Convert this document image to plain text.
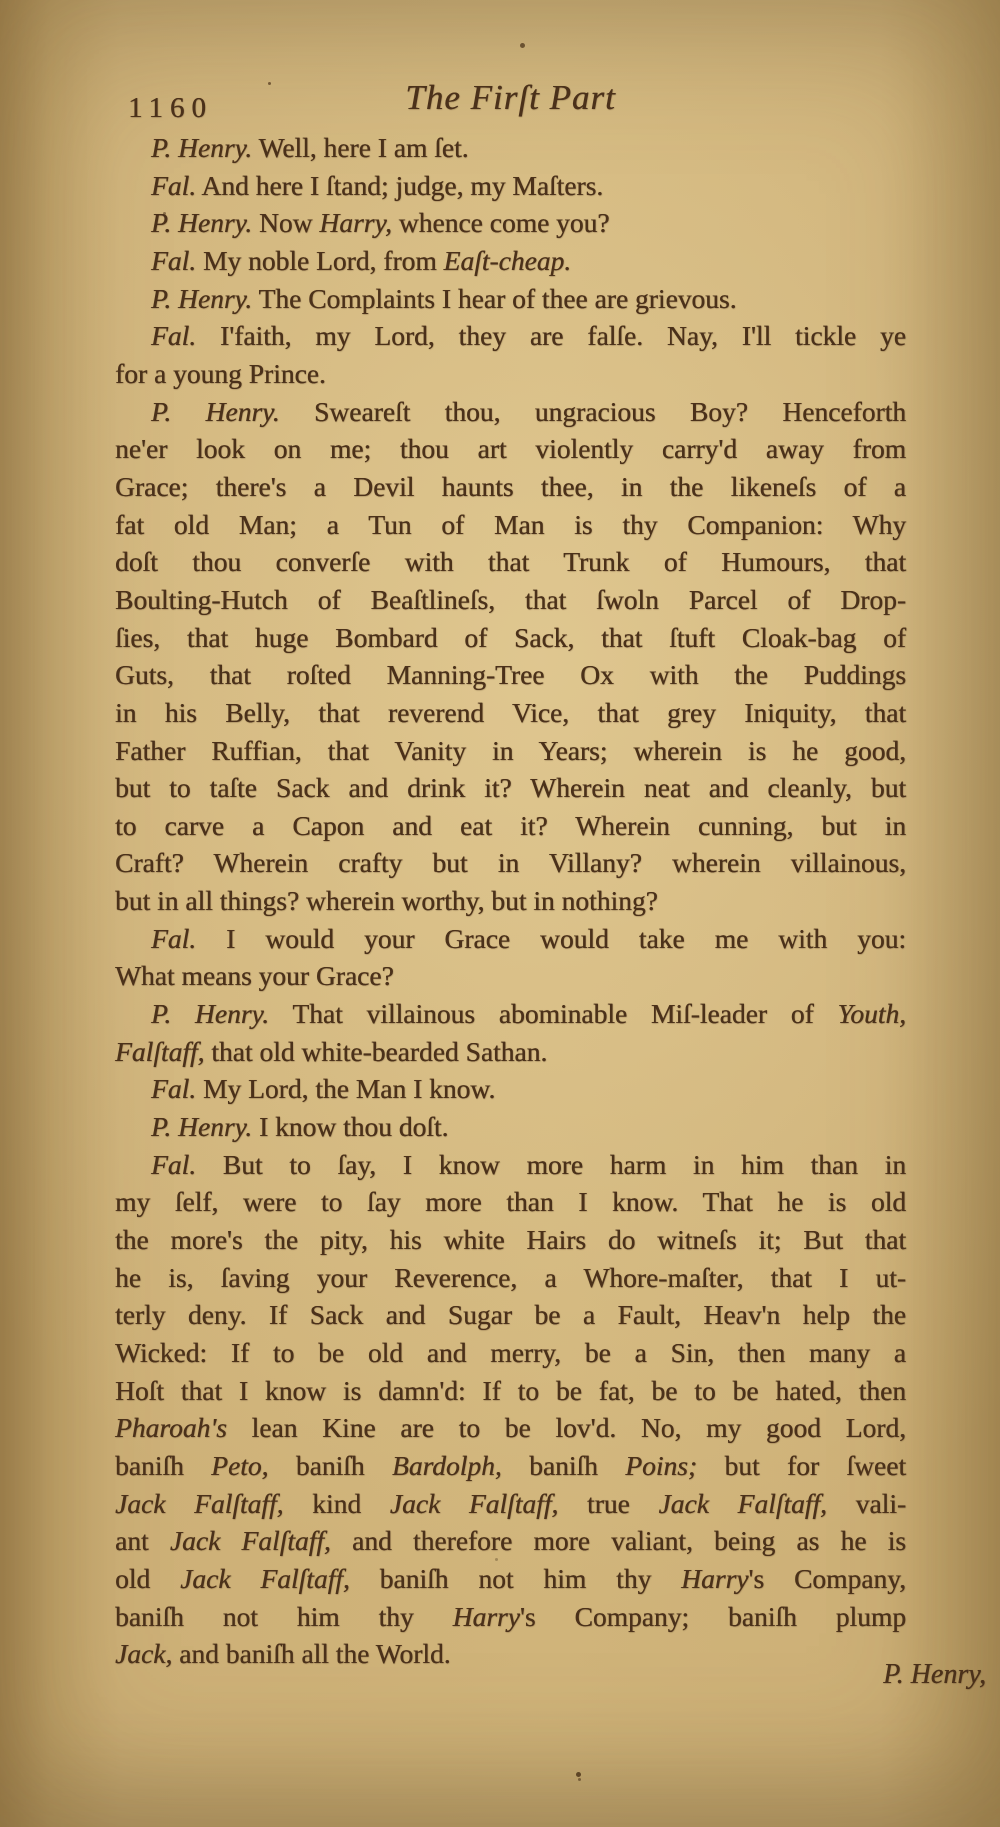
1160	The Firſt Part
P. Henry. Well, here I am ſet.
Fal. And here I ſtand; judge, my Maſters.
P. Henry. Now Harry, whence come you?
Fal. My noble Lord, from Eaſt-cheap.
P. Henry. The Complaints I hear of thee are grievous.
Fal. I'faith, my Lord, they are falſe. Nay, I'll tickle ye
for a young Prince.
P. Henry. Sweareſt thou, ungracious Boy? Henceforth
ne'er look on me; thou art violently carry'd away from
Grace; there's a Devil haunts thee, in the likeneſs of a
fat old Man; a Tun of Man is thy Companion: Why
doſt thou converſe with that Trunk of Humours, that
Boulting-Hutch of Beaſtlineſs, that ſwoln Parcel of Drop-
ſies, that huge Bombard of Sack, that ſtuft Cloak-bag of
Guts, that roſted Manning-Tree Ox with the Puddings
in his Belly, that reverend Vice, that grey Iniquity, that
Father Ruffian, that Vanity in Years; wherein is he good,
but to taſte Sack and drink it? Wherein neat and cleanly, but
to carve a Capon and eat it? Wherein cunning, but in
Craft? Wherein crafty but in Villany? wherein villainous,
but in all things? wherein worthy, but in nothing?
Fal. I would your Grace would take me with you:
What means your Grace?
P. Henry. That villainous abominable Miſ-leader of Youth,
Falſtaff, that old white-bearded Sathan.
Fal. My Lord, the Man I know.
P. Henry. I know thou doſt.
Fal. But to ſay, I know more harm in him than in
my ſelf, were to ſay more than I know. That he is old
the more's the pity, his white Hairs do witneſs it; But that
he is, ſaving your Reverence, a Whore-maſter, that I ut-
terly deny. If Sack and Sugar be a Fault, Heav'n help the
Wicked: If to be old and merry, be a Sin, then many a
Hoſt that I know is damn'd: If to be fat, be to be hated, then
Pharoah's lean Kine are to be lov'd. No, my good Lord,
baniſh Peto, baniſh Bardolph, baniſh Poins; but for ſweet
Jack Falſtaff, kind Jack Falſtaff, true Jack Falſtaff, vali-
ant Jack Falſtaff, and therefore more valiant, being as he is
old Jack Falſtaff, baniſh not him thy Harry's Company,
baniſh not him thy Harry's Company; baniſh plump
Jack, and baniſh all the World.
P. Henry,
